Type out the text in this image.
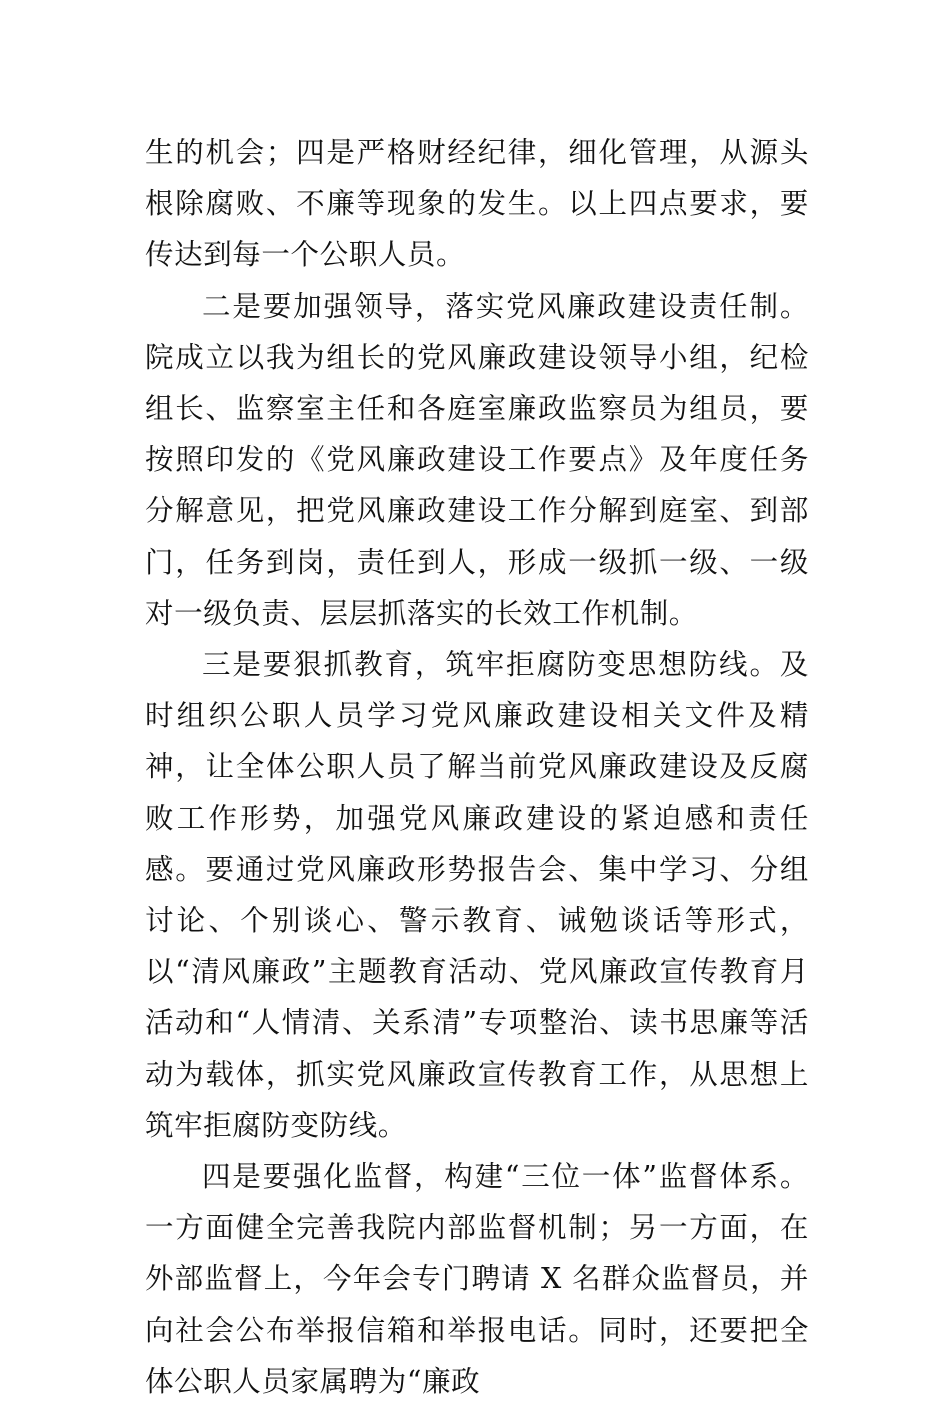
生的机会；四是严格财经纪律，细化管理，从源头根除腐败、不廉等现象的发生。以上四点要求，要传达到每一个公职人员。

二是要加强领导，落实党风廉政建设责任制。院成立以我为组长的党风廉政建设领导小组，纪检组长、监察室主任和各庭室廉政监察员为组员，要按照印发的《党风廉政建设工作要点》及年度任务分解意见，把党风廉政建设工作分解到庭室、到部门，任务到岗，责任到人，形成一级抓一级、一级对一级负责、层层抓落实的长效工作机制。

三是要狠抓教育，筑牢拒腐防变思想防线。及时组织公职人员学习党风廉政建设相关文件及精神，让全体公职人员了解当前党风廉政建设及反腐败工作形势，加强党风廉政建设的紧迫感和责任感。要通过党风廉政形势报告会、集中学习、分组讨论、个别谈心、警示教育、诫勉谈话等形式，以“清风廉政”主题教育活动、党风廉政宣传教育月活动和“人情清、关系清”专项整治、读书思廉等活动为载体，抓实党风廉政宣传教育工作，从思想上筑牢拒腐防变防线。

四是要强化监督，构建“三位一体”监督体系。一方面健全完善我院内部监督机制；另一方面，在外部监督上，今年会专门聘请 X 名群众监督员，并向社会公布举报信箱和举报电话。同时，还要把全体公职人员家属聘为“廉政
